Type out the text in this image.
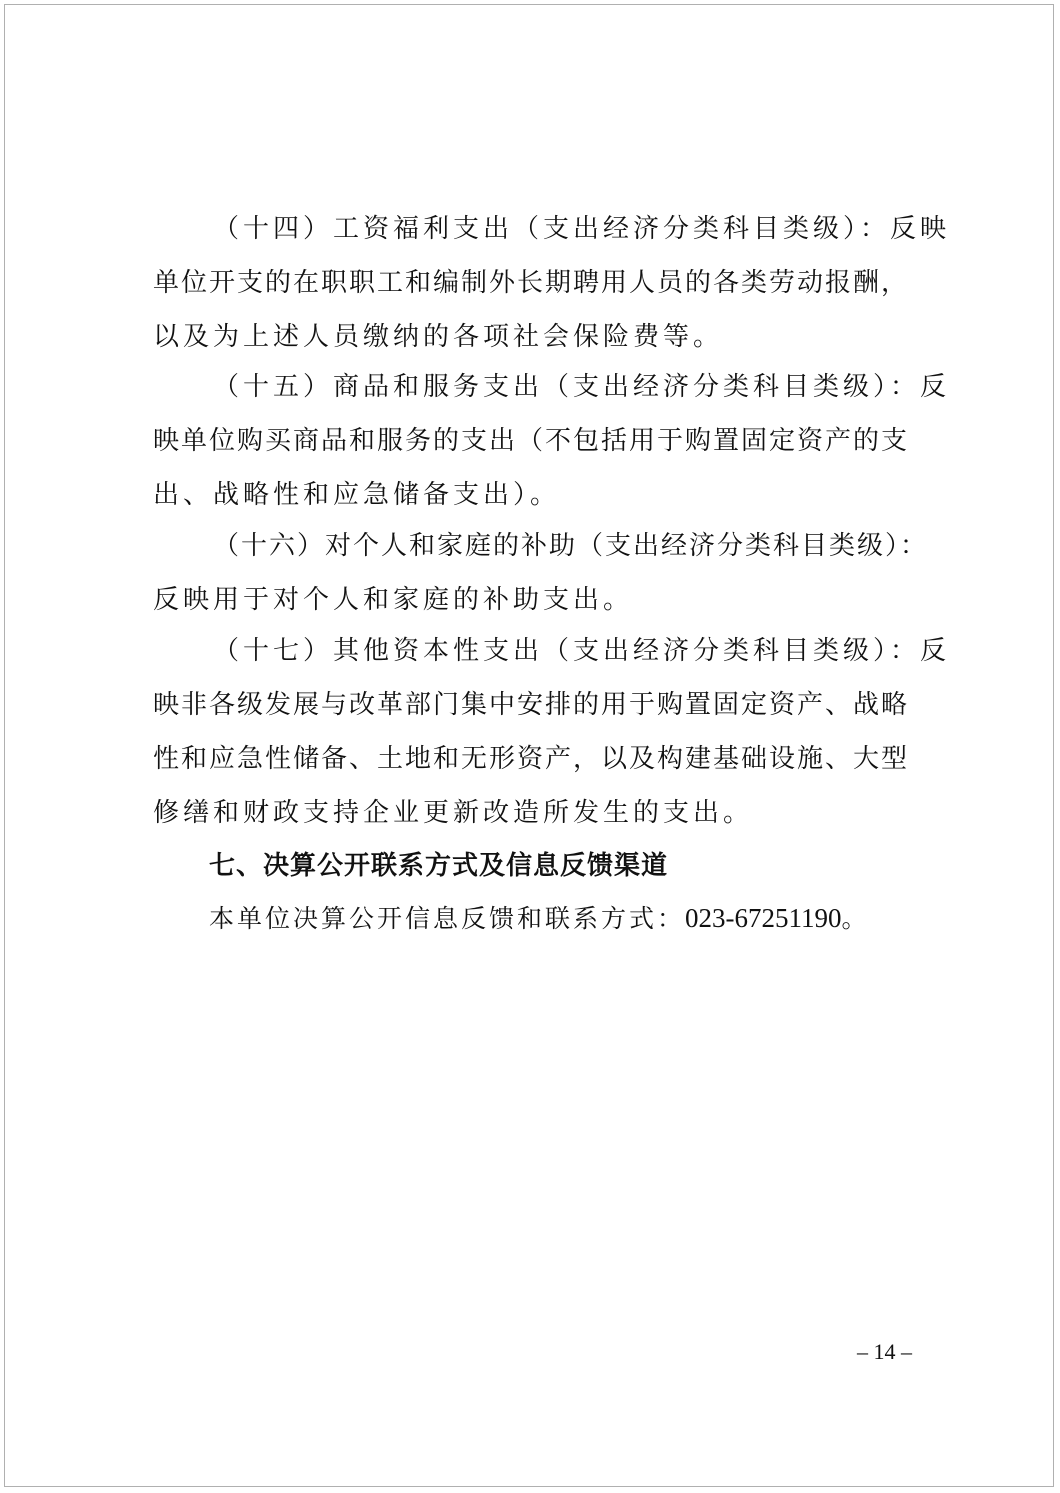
（十四）工资福利支出（支出经济分类科目类级）：反映
单位开支的在职职工和编制外长期聘用人员的各类劳动报酬，
以及为上述人员缴纳的各项社会保险费等。
（十五）商品和服务支出（支出经济分类科目类级）：反
映单位购买商品和服务的支出（不包括用于购置固定资产的支
出、战略性和应急储备支出）。
（十六）对个人和家庭的补助（支出经济分类科目类级）：
反映用于对个人和家庭的补助支出。
（十七）其他资本性支出（支出经济分类科目类级）：反
映非各级发展与改革部门集中安排的用于购置固定资产、战略
性和应急性储备、土地和无形资产，以及构建基础设施、大型
修缮和财政支持企业更新改造所发生的支出。
七、决算公开联系方式及信息反馈渠道
本单位决算公开信息反馈和联系方式：023-67251190。
– 14 –
